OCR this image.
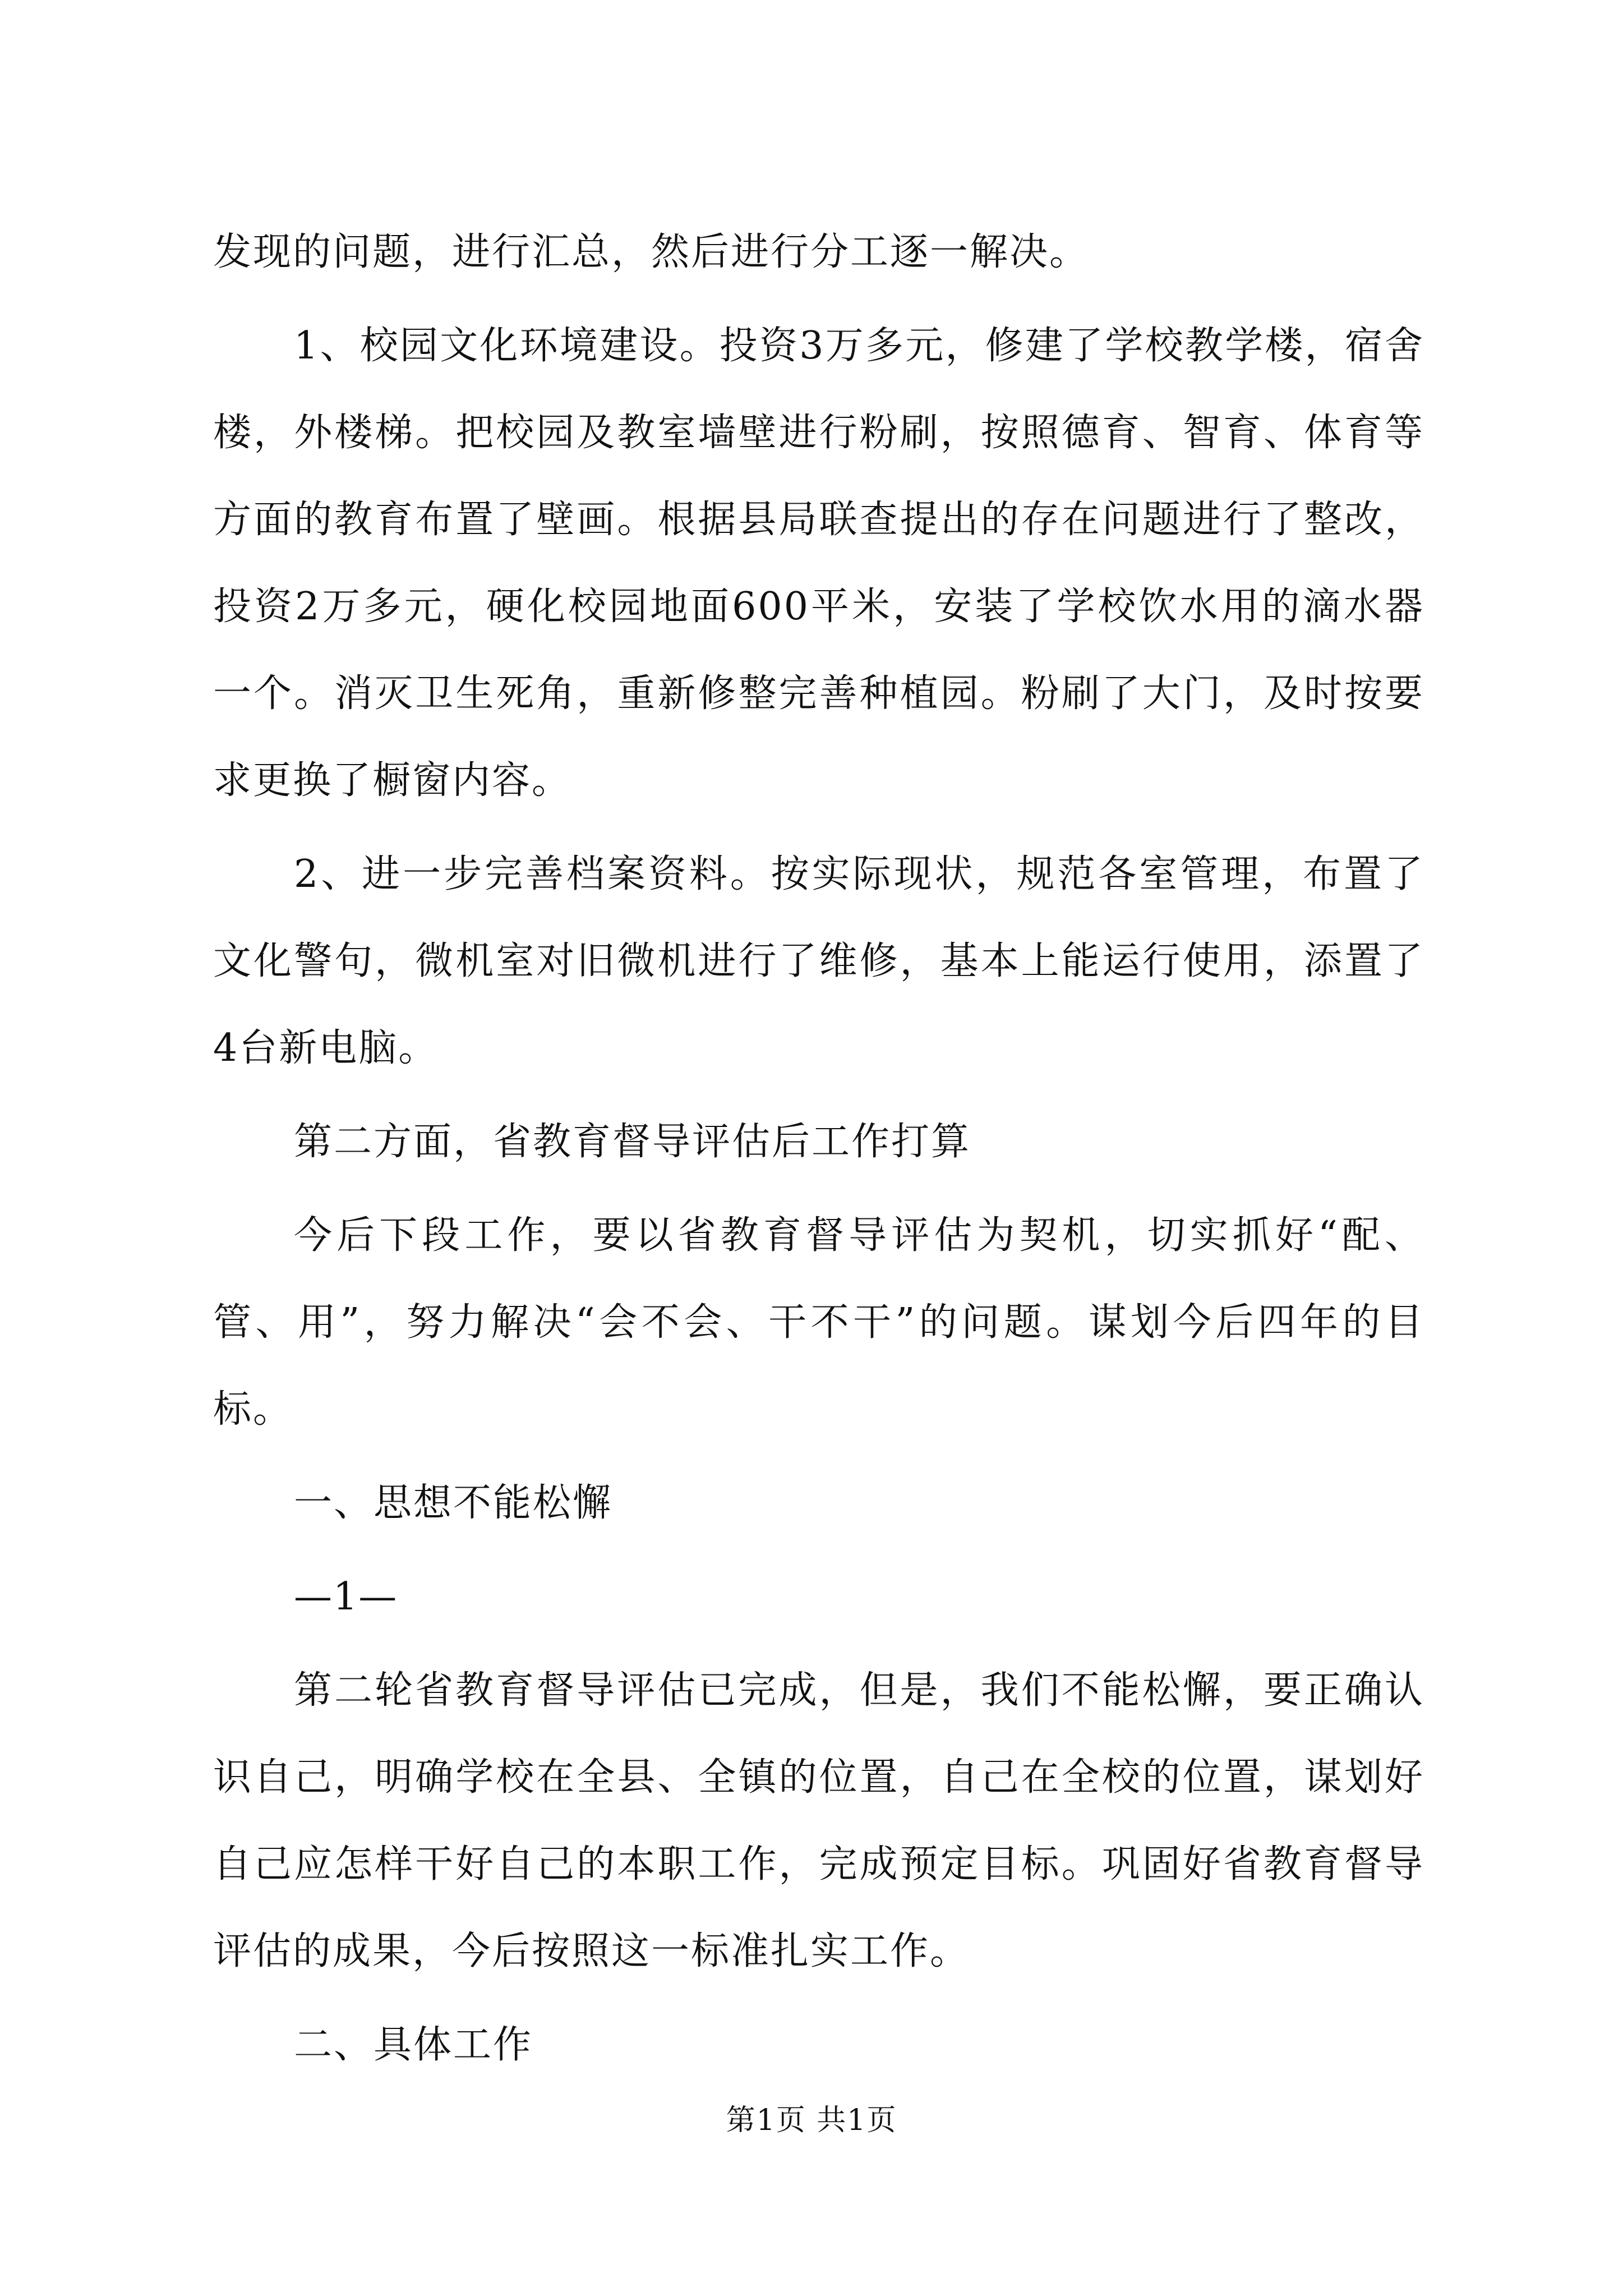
发现的问题，进行汇总，然后进行分工逐一解决。

1、校园文化环境建设。投资3万多元，修建了学校教学楼，宿舍楼，外楼梯。把校园及教室墙壁进行粉刷，按照德育、智育、体育等方面的教育布置了壁画。根据县局联查提出的存在问题进行了整改，投资2万多元，硬化校园地面600平米，安装了学校饮水用的滴水器一个。消灭卫生死角，重新修整完善种植园。粉刷了大门，及时按要求更换了橱窗内容。

2、进一步完善档案资料。按实际现状，规范各室管理，布置了文化警句，微机室对旧微机进行了维修，基本上能运行使用，添置了4台新电脑。

第二方面，省教育督导评估后工作打算

今后下段工作，要以省教育督导评估为契机，切实抓好“配、管、用”，努力解决“会不会、干不干”的问题。谋划今后四年的目标。

一、思想不能松懈

—1—

第二轮省教育督导评估已完成，但是，我们不能松懈，要正确认识自己，明确学校在全县、全镇的位置，自己在全校的位置，谋划好自己应怎样干好自己的本职工作，完成预定目标。巩固好省教育督导评估的成果，今后按照这一标准扎实工作。

二、具体工作

第1页 共1页
